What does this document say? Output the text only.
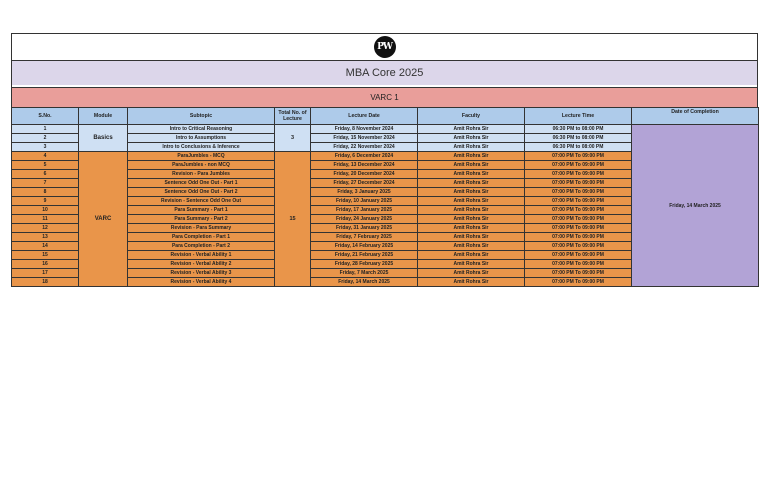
PW
MBA Core 2025
VARC 1
S.No.	Module	Subtopic	Total No. of Lecture	Lecture Date	Faculty	Lecture Time	Date of Completion
1	Basics	Intro to Critical Reasoning	3	Friday, 8 November 2024	Amit Rohra Sir	06:30 PM to 08:00 PM	Friday, 14 March 2025
2		Intro to Assumptions		Friday, 15 November 2024	Amit Rohra Sir	06:30 PM to 08:00 PM	
3		Intro to Conclusions & Inference		Friday, 22 November 2024	Amit Rohra Sir	06:30 PM to 08:00 PM	
4	VARC	ParaJumbles - MCQ	15	Friday, 6 December 2024	Amit Rohra Sir	07:00 PM To 09:00 PM	
5		ParaJumbles - non MCQ		Friday, 13 December 2024	Amit Rohra Sir	07:00 PM To 09:00 PM	
6		Revision - Para Jumbles		Friday, 20 December 2024	Amit Rohra Sir	07:00 PM To 09:00 PM	
7		Sentence Odd One Out - Part 1		Friday, 27 December 2024	Amit Rohra Sir	07:00 PM To 09:00 PM	
8		Sentence Odd One Out - Part 2		Friday, 3 January 2025	Amit Rohra Sir	07:00 PM To 09:00 PM	
9		Revision - Sentence Odd One Out		Friday, 10 January 2025	Amit Rohra Sir	07:00 PM To 09:00 PM	
10		Para Summary - Part 1		Friday, 17 January 2025	Amit Rohra Sir	07:00 PM To 09:00 PM	
11		Para Summary - Part 2		Friday, 24 January 2025	Amit Rohra Sir	07:00 PM To 09:00 PM	
12		Revision - Para Summary		Friday, 31 January 2025	Amit Rohra Sir	07:00 PM To 09:00 PM	
13		Para Completion - Part 1		Friday, 7 February 2025	Amit Rohra Sir	07:00 PM To 09:00 PM	
14		Para Completion - Part 2		Friday, 14 February 2025	Amit Rohra Sir	07:00 PM To 09:00 PM	
15		Revision - Verbal Ability 1		Friday, 21 February 2025	Amit Rohra Sir	07:00 PM To 09:00 PM	
16		Revision - Verbal Ability 2		Friday, 28 February 2025	Amit Rohra Sir	07:00 PM To 09:00 PM	
17		Revision - Verbal Ability 3		Friday, 7 March 2025	Amit Rohra Sir	07:00 PM To 09:00 PM	
18		Revision - Verbal Ability 4		Friday, 14 March 2025	Amit Rohra Sir	07:00 PM To 09:00 PM	
